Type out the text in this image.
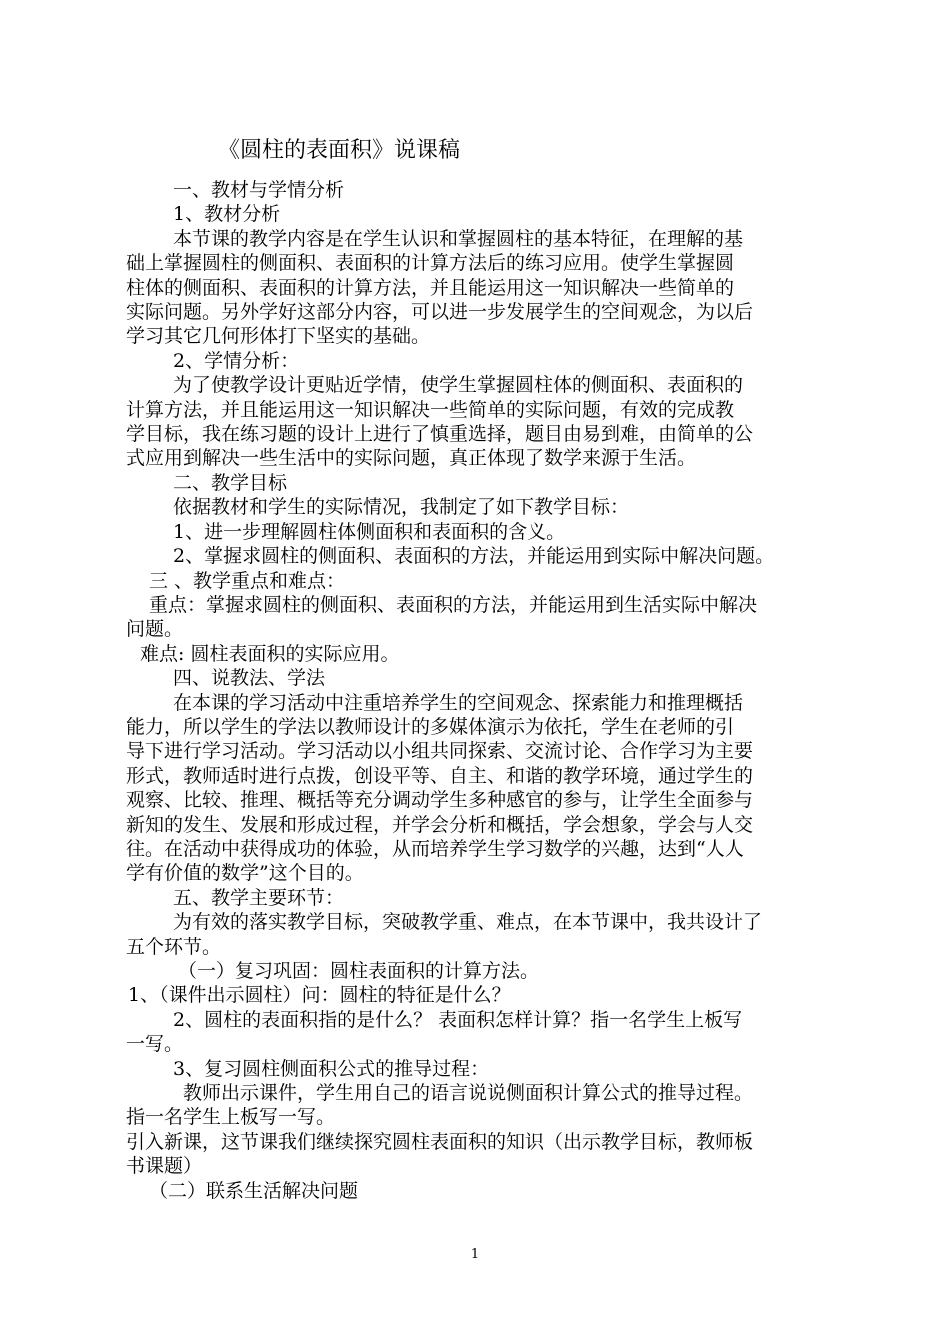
《圆柱的表面积》说课稿

一、教材与学情分析

1、教材分析

本节课的教学内容是在学生认识和掌握圆柱的基本特征，在理解的基

础上掌握圆柱的侧面积、表面积的计算方法后的练习应用。使学生掌握圆

柱体的侧面积、表面积的计算方法，并且能运用这一知识解决一些简单的

实际问题。另外学好这部分内容，可以进一步发展学生的空间观念，为以后

学习其它几何形体打下坚实的基础。

2、学情分析：

为了使教学设计更贴近学情，使学生掌握圆柱体的侧面积、表面积的

计算方法，并且能运用这一知识解决一些简单的实际问题，有效的完成教

学目标，我在练习题的设计上进行了慎重选择，题目由易到难，由简单的公

式应用到解决一些生活中的实际问题，真正体现了数学来源于生活。

二、教学目标

依据教材和学生的实际情况，我制定了如下教学目标：

1、进一步理解圆柱体侧面积和表面积的含义。

2、掌握求圆柱的侧面积、表面积的方法，并能运用到实际中解决问题。

三 、教学重点和难点：

重点：掌握求圆柱的侧面积、表面积的方法，并能运用到生活实际中解决

问题。

难点: 圆柱表面积的实际应用。

四、说教法、学法

在本课的学习活动中注重培养学生的空间观念、探索能力和推理概括

能力，所以学生的学法以教师设计的多媒体演示为依托，学生在老师的引

导下进行学习活动。学习活动以小组共同探索、交流讨论、合作学习为主要

形式，教师适时进行点拨，创设平等、自主、和谐的教学环境，通过学生的

观察、比较、推理、概括等充分调动学生多种感官的参与，让学生全面参与

新知的发生、发展和形成过程，并学会分析和概括，学会想象，学会与人交

往。在活动中获得成功的体验，从而培养学生学习数学的兴趣，达到“人人

学有价值的数学”这个目的。

五、教学主要环节：

为有效的落实教学目标，突破教学重、难点，在本节课中，我共设计了

五个环节。

（一）复习巩固：圆柱表面积的计算方法。

1、（课件出示圆柱）问：圆柱的特征是什么？

2、圆柱的表面积指的是什么？ 表面积怎样计算？指一名学生上板写

一写。

3、复习圆柱侧面积公式的推导过程：

教师出示课件，学生用自己的语言说说侧面积计算公式的推导过程。

指一名学生上板写一写。

引入新课，这节课我们继续探究圆柱表面积的知识（出示教学目标，教师板

书课题）

（二）联系生活解决问题

1
